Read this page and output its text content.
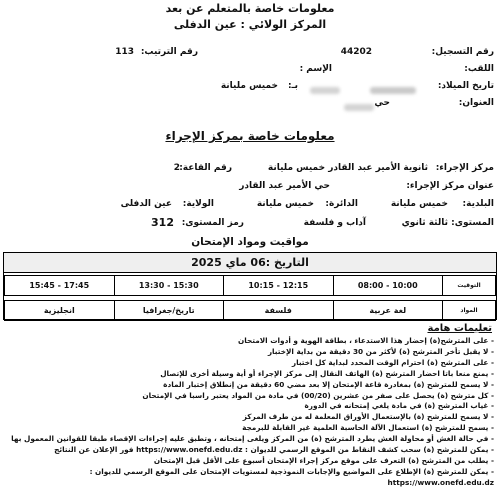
معلومات خاصة بالمتعلم عن بعد
المركز الولائي : عين الدفلى
رقم التسجيل:
44202
رقم الترتيب:
113
اللقب:
الإسم :
تاريخ الميلاد:
بـ:
خميس مليانة
العنوان:
حي
معلومات خاصة بمركز الإجراء
مركز الإجراء:
ثانوية الأمير عبد القادر خميس مليانة
رقم القاعة:
2
عنوان مركز الإجراء:
حي الأمير عبد القادر
البلدية:
خميس مليانة
الدائرة:
خميس مليانة
الولاية:
عين الدفلى
المستوى:
ثالثة ثانوي
آداب و فلسفة
رمز المستوى:
312
مواقيت ومواد الإمتحان
التاريخ :06 ماي 2025
التوقيت	10:00 - 08:00	12:15 - 10:15	15:30 - 13:30	17:45 - 15:45

المواد	لغة عربية	فلسفة	تاريخ/جغرافيا	انجليزية
تعليمات هامة
- على المترشح(ة) إحضار هذا الاستدعاء ، بطاقة الهوية و أدوات الامتحان
- لا يقبل تأخر المترشح (ة) لأكثر من 30 دقيقة من بداية الإختبار
- على المترشح (ة) احترام الوقت المحدد لبداية كل اختبار
- يمنع منعا باتا احضار المترشح (ة) الهاتف النقال إلى مركز الإجراء أو أية وسيلة أخرى للإتصال
- لا يسمح للمترشح (ة) بمغادرة قاعة الإمتحان إلا بعد مضي 60 دقيقة من إنطلاق إختبار المادة
- كل مترشح (ة) يحصل على صفر من عشرين (00/20) في مادة من المواد يعتبر راسبا في الإمتحان
- غياب المترشح (ة) في مادة يلغي إمتحانه في الدورة
- لا يسمح للمترشح (ة) بالإستعمال الأوراق المعلمة له من طرف المركز
- يسمح للمترشح (ة) استعمال الآلة الحاسبة العلمية غير القابلة للبرمجة
- في حالة الغش أو محاولة الغش يطرد المترشح (ة) من المركز ويلغى إمتحانه ، وتطبق عليه إجراءات الإقصاء طبقا للقوانين المعمول بها
- يمكن للمترشح (ة) سحب كشف النقاط من الموقع الرسمي للديوان : https://www.onefd.edu.dz فور الإعلان عن النتائج
- يطلب من المترشح (ة) التعرف على موقع مركز إجراء الإمتحان أسبوع على الأقل قبل الإمتحان
- يمكن للمترشح (ة) الإطلاع على المواضيع والإجابات النموذجية لمستويات الإمتحان على الموقع الرسمي للديوان :
https://www.onefd.edu.dz
